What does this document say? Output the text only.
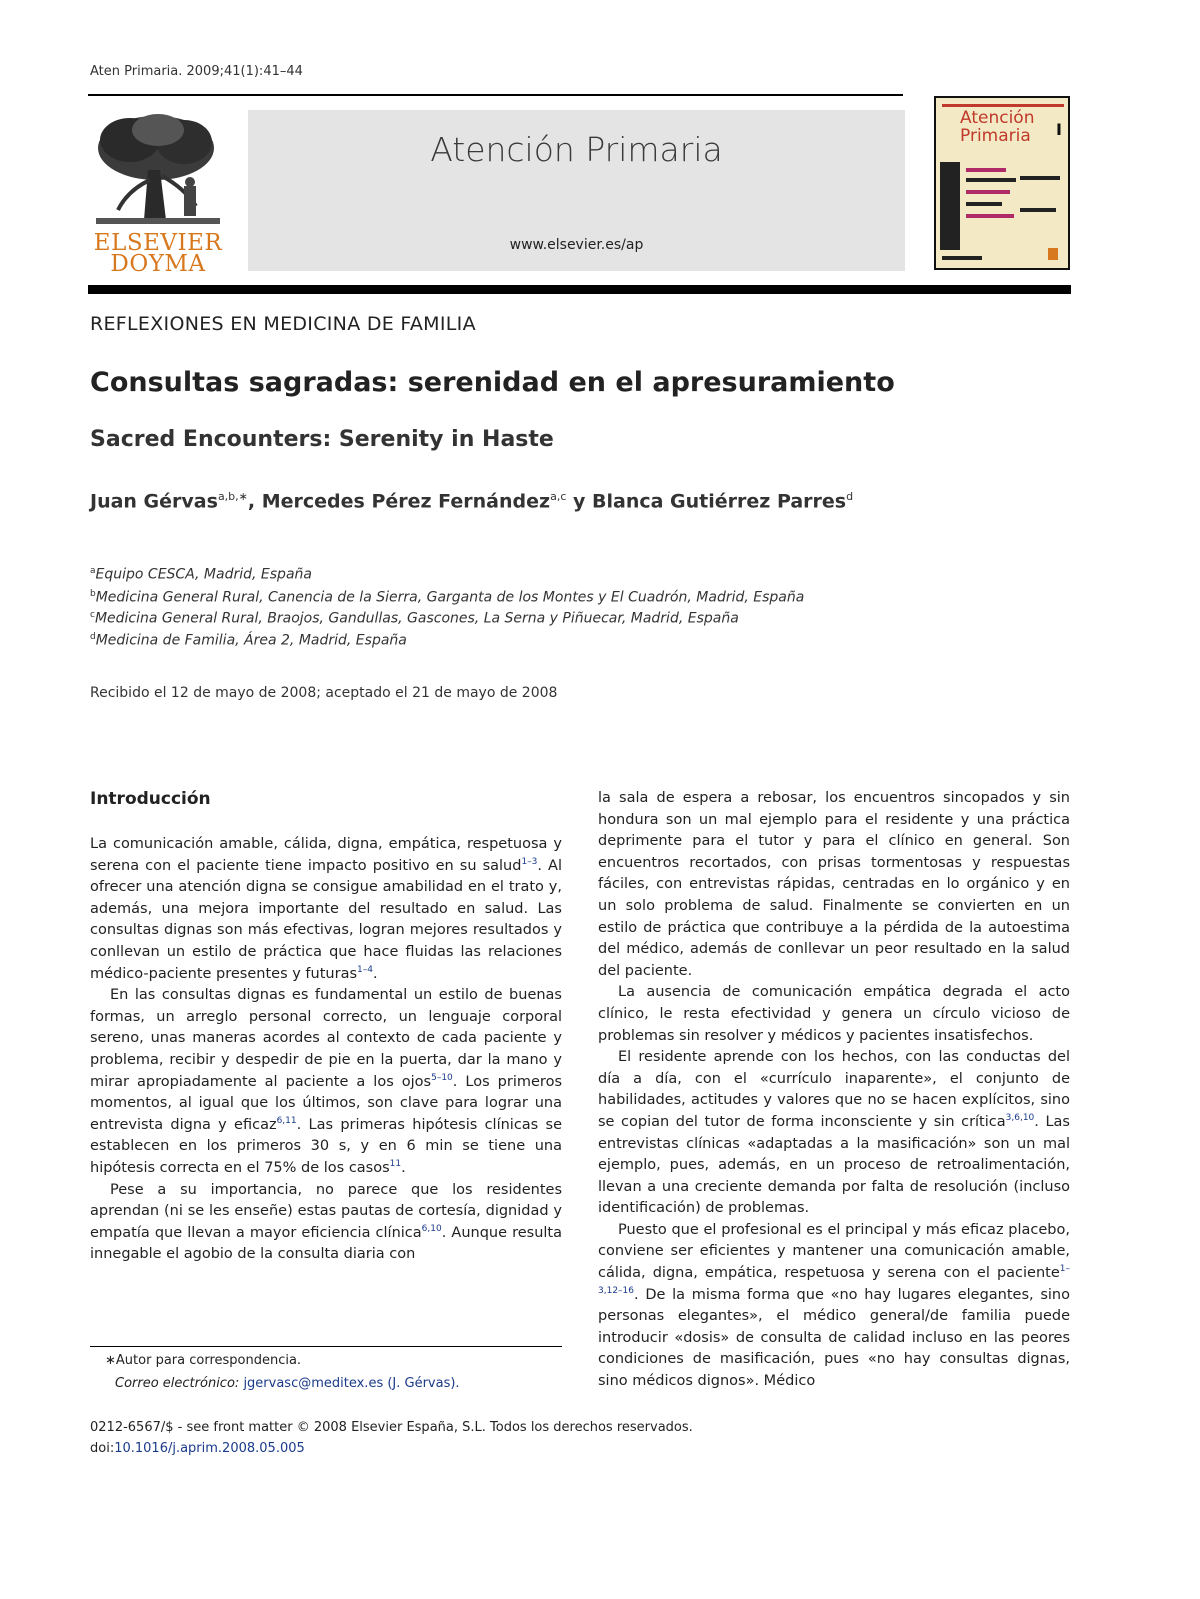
Aten Primaria. 2009;41(1):41–44
ELSEVIER
DOYMA
Atención Primaria
www.elsevier.es/ap
Atención
Primaria I
REFLEXIONES EN MEDICINA DE FAMILIA
Consultas sagradas: serenidad en el apresuramiento
Sacred Encounters: Serenity in Haste
Juan Gérvas$^{a,b,∗}$, Mercedes Pérez Fernández$^{a,c}$ y Blanca Gutiérrez Parres$^d$
$^a$Equipo CESCA, Madrid, España
$^b$Medicina General Rural, Canencia de la Sierra, Garganta de los Montes y El Cuadrón, Madrid, España
$^c$Medicina General Rural, Braojos, Gandullas, Gascones, La Serna y Piñuecar, Madrid, España
$^d$Medicina de Familia, Área 2, Madrid, España
Recibido el 12 de mayo de 2008; aceptado el 21 de mayo de 2008
Introducción

La comunicación amable, cálida, digna, empática, respetuosa y serena con el paciente tiene impacto positivo en su salud$^{1-3}$. Al ofrecer una atención digna se consigue amabilidad en el trato y, además, una mejora importante del resultado en salud. Las consultas dignas son más efectivas, logran mejores resultados y conllevan un estilo de práctica que hace fluidas las relaciones médico-paciente presentes y futuras$^{1-4}$.

En las consultas dignas es fundamental un estilo de buenas formas, un arreglo personal correcto, un lenguaje corporal sereno, unas maneras acordes al contexto de cada paciente y problema, recibir y despedir de pie en la puerta, dar la mano y mirar apropiadamente al paciente a los ojos$^{5-10}$. Los primeros momentos, al igual que los últimos, son clave para lograr una entrevista digna y eficaz$^{6,11}$. Las primeras hipótesis clínicas se establecen en los primeros 30 s, y en 6 min se tiene una hipótesis correcta en el 75% de los casos$^{11}$.

Pese a su importancia, no parece que los residentes aprendan (ni se les enseñe) estas pautas de cortesía, dignidad y empatía que llevan a mayor eficiencia clínica$^{6,10}$. Aunque resulta innegable el agobio de la consulta diaria con

la sala de espera a rebosar, los encuentros sincopados y sin hondura son un mal ejemplo para el residente y una práctica deprimente para el tutor y para el clínico en general. Son encuentros recortados, con prisas tormentosas y respuestas fáciles, con entrevistas rápidas, centradas en lo orgánico y en un solo problema de salud. Finalmente se convierten en un estilo de práctica que contribuye a la pérdida de la autoestima del médico, además de conllevar un peor resultado en la salud del paciente.

La ausencia de comunicación empática degrada el acto clínico, le resta efectividad y genera un círculo vicioso de problemas sin resolver y médicos y pacientes insatisfechos.

El residente aprende con los hechos, con las conductas del día a día, con el «currículo inaparente», el conjunto de habilidades, actitudes y valores que no se hacen explícitos, sino se copian del tutor de forma inconsciente y sin crítica$^{3,6,10}$. Las entrevistas clínicas «adaptadas a la masificación» son un mal ejemplo, pues, además, en un proceso de retroalimentación, llevan a una creciente demanda por falta de resolución (incluso identificación) de problemas.

Puesto que el profesional es el principal y más eficaz placebo, conviene ser eficientes y mantener una comunicación amable, cálida, digna, empática, respetuosa y serena con el paciente$^{1-3,12-16}$. De la misma forma que «no hay lugares elegantes, sino personas elegantes», el médico general/de familia puede introducir «dosis» de consulta de calidad incluso en las peores condiciones de masificación, pues «no hay consultas dignas, sino médicos dignos». Médico

∗Autor para correspondencia.
Correo electrónico: jgervasc@meditex.es (J. Gérvas).
0212-6567/$ - see front matter © 2008 Elsevier España, S.L. Todos los derechos reservados.
doi:10.1016/j.aprim.2008.05.005
